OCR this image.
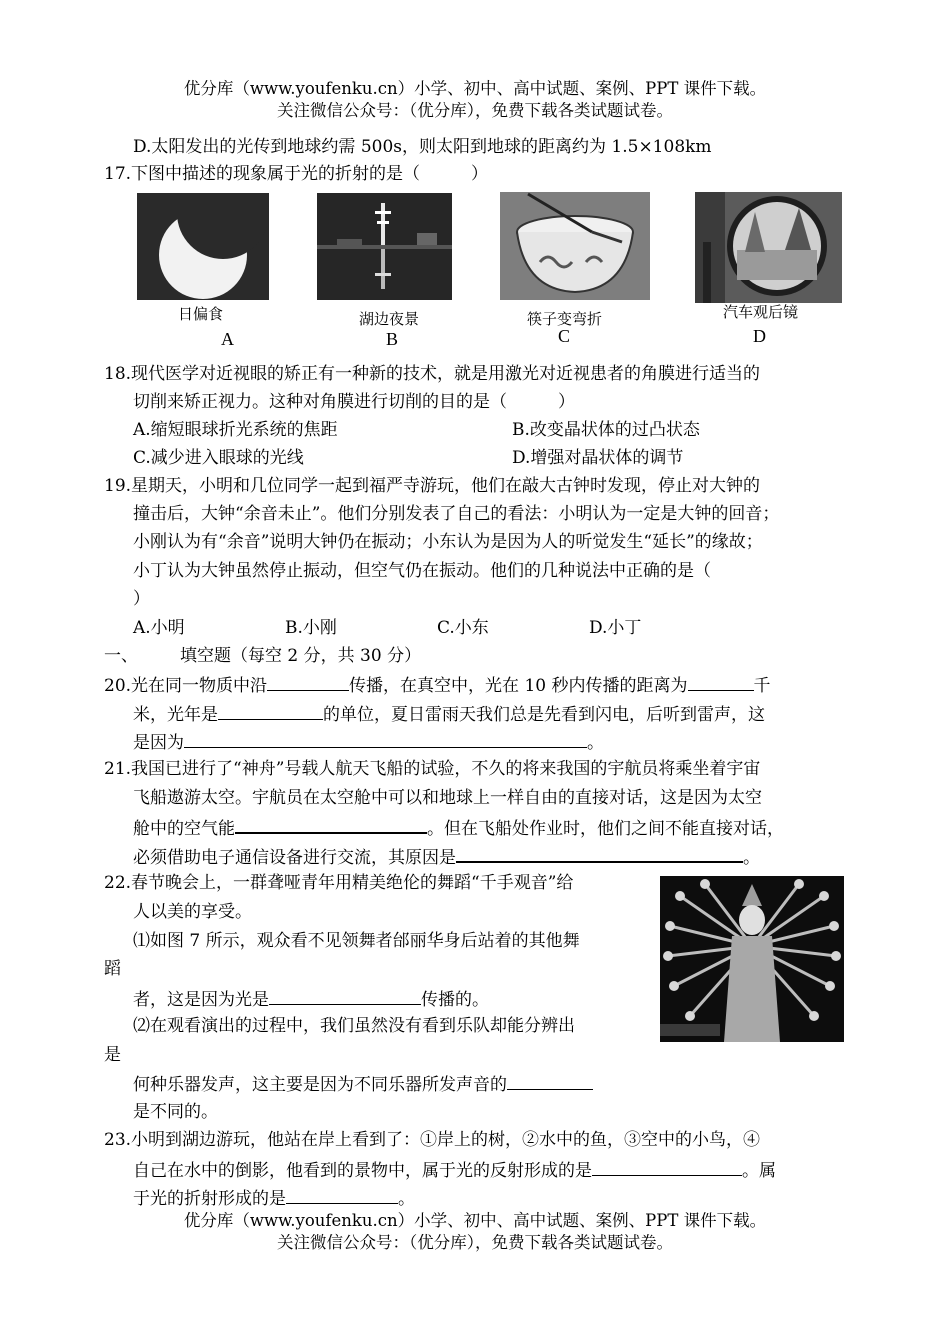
优分库（www.youfenku.cn）小学、初中、高中试题、案例、PPT 课件下载。
关注微信公众号：（优分库），免费下载各类试题试卷。
D.太阳发出的光传到地球约需 500s，则太阳到地球的距离约为 1.5×108km
17.下图中描述的现象属于光的折射的是（　　　）
日偏食
A
湖边夜景
B
筷子变弯折
C
汽车观后镜
D
18.现代医学对近视眼的矫正有一种新的技术，就是用激光对近视患者的角膜进行适当的
切削来矫正视力。这种对角膜进行切削的目的是（　　　）
A.缩短眼球折光系统的焦距	B.改变晶状体的过凸状态
C.减少进入眼球的光线	D.增强对晶状体的调节
19.星期天，小明和几位同学一起到福严寺游玩，他们在敲大古钟时发现，停止对大钟的
撞击后，大钟“余音未止”。他们分别发表了自己的看法：小明认为一定是大钟的回音；
小刚认为有“余音”说明大钟仍在振动；小东认为是因为人的听觉发生“延长”的缘故；
小丁认为大钟虽然停止振动，但空气仍在振动。他们的几种说法中正确的是（
）
A.小明	B.小刚	C.小东	D.小丁
一、 填空题（每空 2 分，共 30 分）
20.光在同一物质中沿	传播，在真空中，光在 10 秒内传播的距离为	千
米，光年是	的单位，夏日雷雨天我们总是先看到闪电，后听到雷声，这
是因为	。
21.我国已进行了“神舟”号载人航天飞船的试验，不久的将来我国的宇航员将乘坐着宇宙
飞船遨游太空。宇航员在太空舱中可以和地球上一样自由的直接对话，这是因为太空
舱中的空气能	。但在飞船处作业时，他们之间不能直接对话，
必须借助电子通信设备进行交流，其原因是	。
22.春节晚会上，一群聋哑青年用精美绝伦的舞蹈“千手观音”给
人以美的享受。
⑴如图 7 所示，观众看不见领舞者邰丽华身后站着的其他舞
蹈
者，这是因为光是	传播的。
⑵在观看演出的过程中，我们虽然没有看到乐队却能分辨出
是
何种乐器发声，这主要是因为不同乐器所发声音的
是不同的。
23.小明到湖边游玩，他站在岸上看到了：①岸上的树，②水中的鱼，③空中的小鸟，④
自己在水中的倒影，他看到的景物中，属于光的反射形成的是	。属
于光的折射形成的是	。
优分库（www.youfenku.cn）小学、初中、高中试题、案例、PPT 课件下载。
关注微信公众号：（优分库），免费下载各类试题试卷。
